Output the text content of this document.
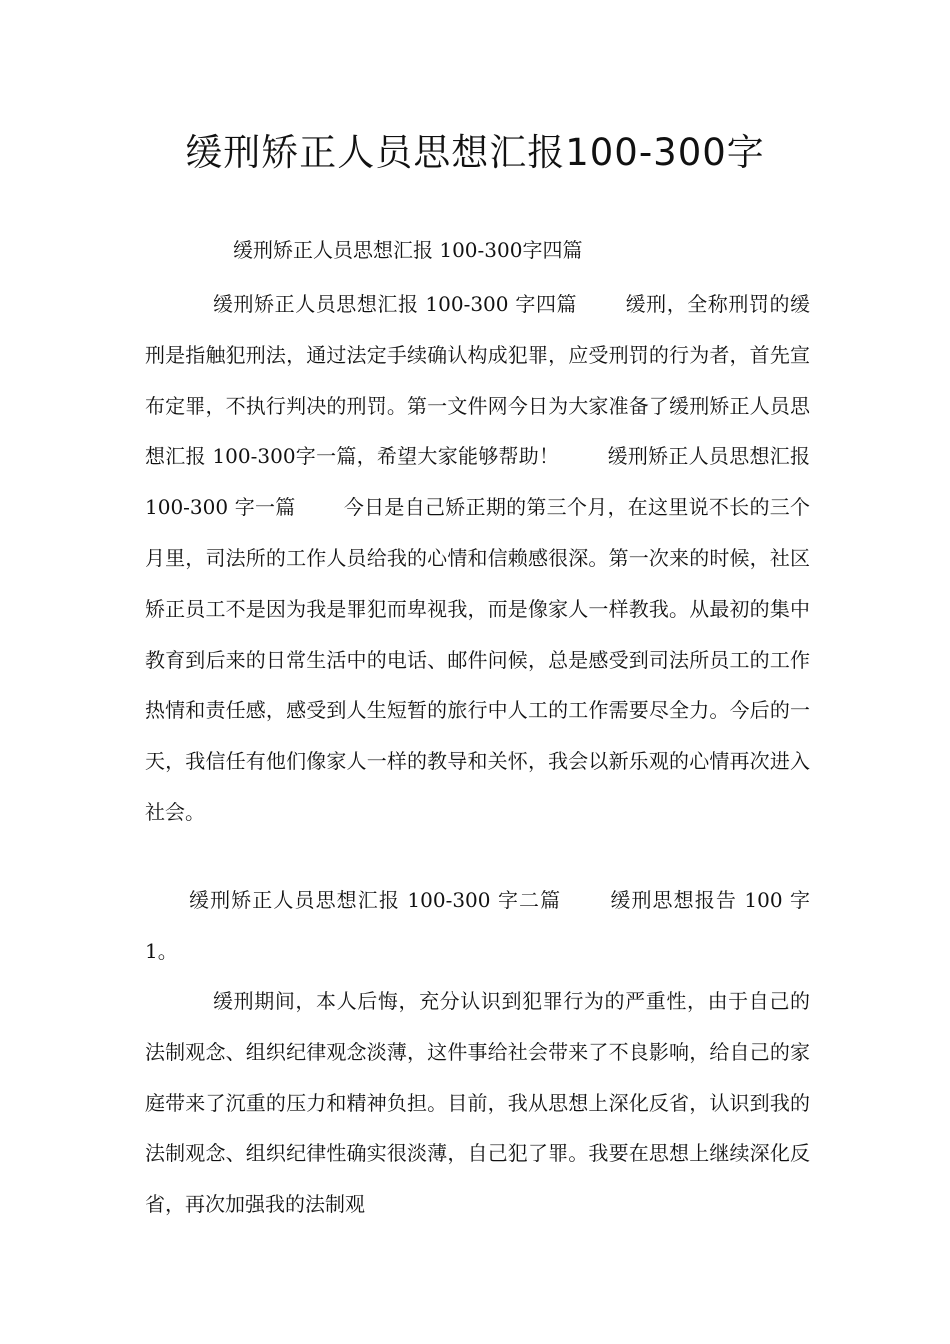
缓刑矫正人员思想汇报100-300字

缓刑矫正人员思想汇报 100-300字四篇

缓刑矫正人员思想汇报 100-300 字四篇 缓刑，全称刑罚的缓刑是指触犯刑法，通过法定手续确认构成犯罪，应受刑罚的行为者，首先宣布定罪，不执行判决的刑罚。第一文件网今日为大家准备了缓刑矫正人员思想汇报 100-300字一篇，希望大家能够帮助！ 缓刑矫正人员思想汇报 100-300 字一篇 今日是自己矫正期的第三个月，在这里说不长的三个月里，司法所的工作人员给我的心情和信赖感很深。第一次来的时候，社区矫正员工不是因为我是罪犯而卑视我，而是像家人一样教我。从最初的集中教育到后来的日常生活中的电话、邮件问候，总是感受到司法所员工的工作热情和责任感，感受到人生短暂的旅行中人工的工作需要尽全力。今后的一天，我信任有他们像家人一样的教导和关怀，我会以新乐观的心情再次进入社会。

缓刑矫正人员思想汇报 100-300 字二篇 缓刑思想报告 100 字 1。

缓刑期间，本人后悔，充分认识到犯罪行为的严重性，由于自己的法制观念、组织纪律观念淡薄，这件事给社会带来了不良影响，给自己的家庭带来了沉重的压力和精神负担。目前，我从思想上深化反省，认识到我的法制观念、组织纪律性确实很淡薄，自己犯了罪。我要在思想上继续深化反省，再次加强我的法制观
